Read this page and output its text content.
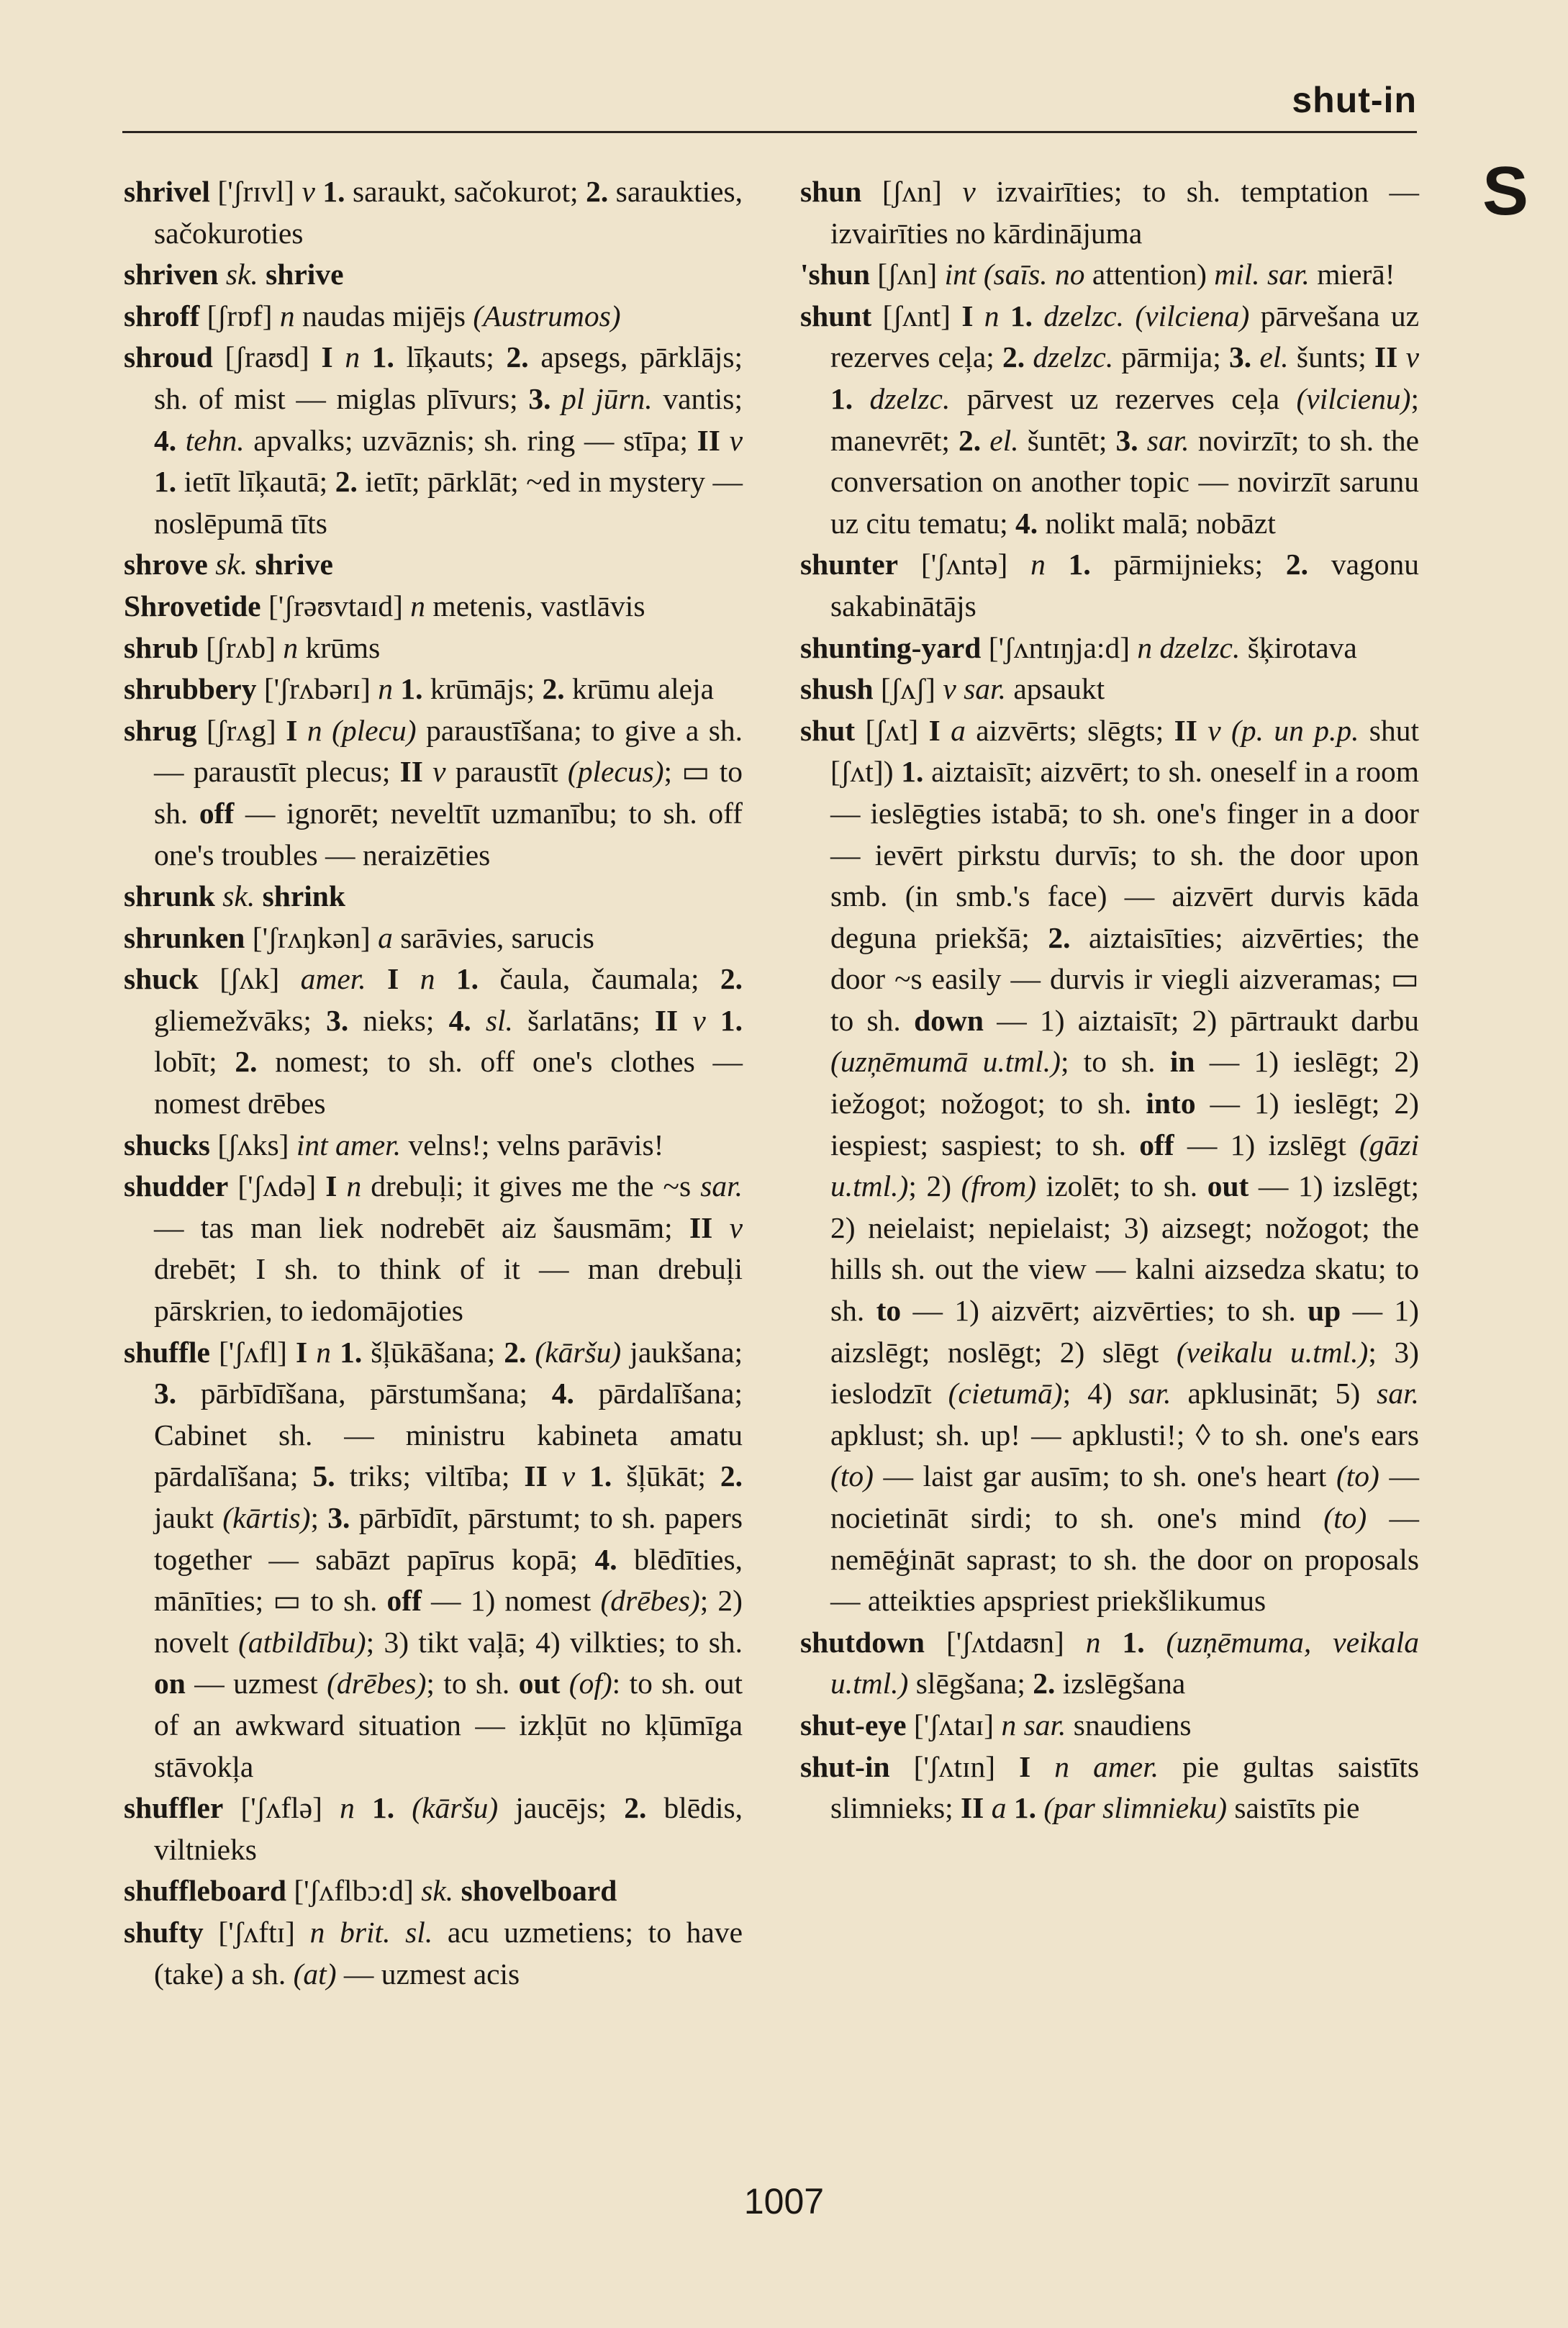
shut-in
S

shrivel ['ʃrɪvl] v 1. saraukt, sačokurot; 2. saraukties, sačokuroties

shriven sk. shrive

shroff [ʃrɒf] n naudas mijējs (Austrumos)

shroud [ʃraʊd] I n 1. līķauts; 2. apsegs, pārklājs; sh. of mist — miglas plīvurs; 3. pl jūrn. vantis; 4. tehn. apvalks; uzvāznis; sh. ring — stīpa; II v 1. ietīt līķautā; 2. ietīt; pārklāt; ~ed in mystery — noslēpumā tīts

shrove sk. shrive

Shrovetide ['ʃrəʊvtaɪd] n metenis, vastlāvis

shrub [ʃrʌb] n krūms

shrubbery ['ʃrʌbərɪ] n 1. krūmājs; 2. krūmu aleja

shrug [ʃrʌg] I n (plecu) paraustīšana; to give a sh. — paraustīt plecus; II v paraustīt (plecus); ▭ to sh. off — ignorēt; neveltīt uzmanību; to sh. off one's troubles — neraizēties

shrunk sk. shrink

shrunken ['ʃrʌŋkən] a sarāvies, sarucis

shuck [ʃʌk] amer. I n 1. čaula, čaumala; 2. gliemežvāks; 3. nieks; 4. sl. šarlatāns; II v 1. lobīt; 2. nomest; to sh. off one's clothes — nomest drēbes

shucks [ʃʌks] int amer. velns!; velns parāvis!

shudder ['ʃʌdə] I n drebuļi; it gives me the ~s sar. — tas man liek nodrebēt aiz šausmām; II v drebēt; I sh. to think of it — man drebuļi pārskrien, to iedomājoties

shuffle ['ʃʌfl] I n 1. šļūkāšana; 2. (kāršu) jaukšana; 3. pārbīdīšana, pārstumšana; 4. pārdalīšana; Cabinet sh. — ministru kabineta amatu pārdalīšana; 5. triks; viltība; II v 1. šļūkāt; 2. jaukt (kārtis); 3. pārbīdīt, pārstumt; to sh. papers together — sabāzt papīrus kopā; 4. blēdīties, mānīties; ▭ to sh. off — 1) nomest (drēbes); 2) novelt (atbildību); 3) tikt vaļā; 4) vilkties; to sh. on — uzmest (drēbes); to sh. out (of): to sh. out of an awkward situation — izkļūt no kļūmīga stāvokļa

shuffler ['ʃʌflə] n 1. (kāršu) jaucējs; 2. blēdis, viltnieks

shuffleboard ['ʃʌflbɔ:d] sk. shovelboard

shufty ['ʃʌftɪ] n brit. sl. acu uzmetiens; to have (take) a sh. (at) — uzmest acis

shun [ʃʌn] v izvairīties; to sh. temptation — izvairīties no kārdinājuma

'shun [ʃʌn] int (saīs. no attention) mil. sar. mierā!

shunt [ʃʌnt] I n 1. dzelzc. (vilciena) pārvešana uz rezerves ceļa; 2. dzelzc. pārmija; 3. el. šunts; II v 1. dzelzc. pārvest uz rezerves ceļa (vilcienu); manevrēt; 2. el. šuntēt; 3. sar. novirzīt; to sh. the conversation on another topic — novirzīt sarunu uz citu tematu; 4. nolikt malā; nobāzt

shunter ['ʃʌntə] n 1. pārmijnieks; 2. vagonu sakabinātājs

shunting-yard ['ʃʌntɪŋja:d] n dzelzc. šķirotava

shush [ʃʌʃ] v sar. apsaukt

shut [ʃʌt] I a aizvērts; slēgts; II v (p. un p.p. shut [ʃʌt]) 1. aiztaisīt; aizvērt; to sh. oneself in a room — ieslēgties istabā; to sh. one's finger in a door — ievērt pirkstu durvīs; to sh. the door upon smb. (in smb.'s face) — aizvērt durvis kāda deguna priekšā; 2. aiztaisīties; aizvērties; the door ~s easily — durvis ir viegli aizveramas; ▭ to sh. down — 1) aiztaisīt; 2) pārtraukt darbu (uzņēmumā u.tml.); to sh. in — 1) ieslēgt; 2) iežogot; nožogot; to sh. into — 1) ieslēgt; 2) iespiest; saspiest; to sh. off — 1) izslēgt (gāzi u.tml.); 2) (from) izolēt; to sh. out — 1) izslēgt; 2) neielaist; nepielaist; 3) aizsegt; nožogot; the hills sh. out the view — kalni aizsedza skatu; to sh. to — 1) aizvērt; aizvērties; to sh. up — 1) aizslēgt; noslēgt; 2) slēgt (veikalu u.tml.); 3) ieslodzīt (cietumā); 4) sar. apklusināt; 5) sar. apklust; sh. up! — apklusti!; ◊ to sh. one's ears (to) — laist gar ausīm; to sh. one's heart (to) — nocietināt sirdi; to sh. one's mind (to) — nemēģināt saprast; to sh. the door on proposals — atteikties apspriest priekšlikumus

shutdown ['ʃʌtdaʊn] n 1. (uzņēmuma, veikala u.tml.) slēgšana; 2. izslēgšana

shut-eye ['ʃʌtaɪ] n sar. snaudiens

shut-in ['ʃʌtɪn] I n amer. pie gultas saistīts slimnieks; II a 1. (par slimnieku) saistīts pie

1007
